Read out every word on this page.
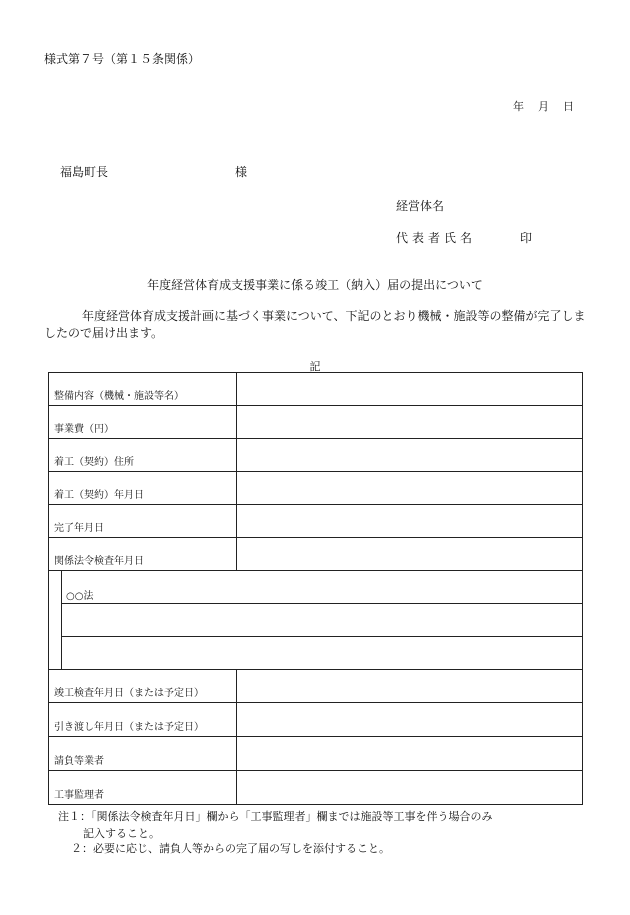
様式第７号（第１５条関係）
年 月 日
福島町長	様
経営体名
代表者氏名	印
年度経営体育成支援事業に係る竣工（納入）届の提出について
年度経営体育成支援計画に基づく事業について、下記のとおり機械・施設等の整備が完了しましたので届け出ます。
記
整備内容（機械・施設等名）
事業費（円）
着工（契約）住所
着工（契約）年月日
完了年月日
関係法令検査年月日
○○法
竣工検査年月日（または予定日）
引き渡し年月日（または予定日）
請負等業者
工事監理者
注１：「関係法令検査年月日」欄から「工事監理者」欄までは施設等工事を伴う場合のみ
記入すること。
２：必要に応じ、請負人等からの完了届の写しを添付すること。
